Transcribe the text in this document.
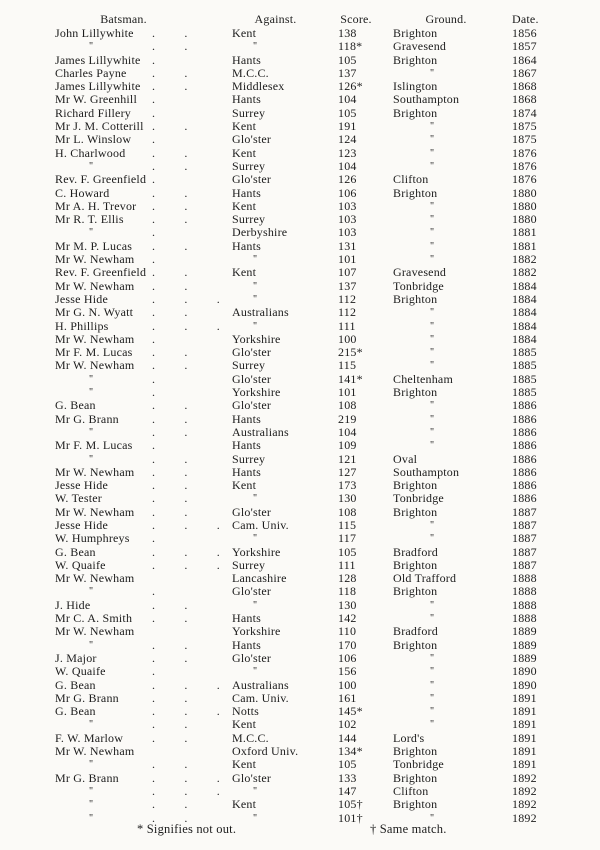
Batsman.	Against.	Score.	Ground.	Date.
John Lillywhite	. .	Kent	138	Brighton	1856
"	. .	"	118*	Gravesend	1857
James Lillywhite .	Hants	105	Brighton	1864
Charles Payne	. .	M.C.C.	137	"	1867
James Lillywhite . .	Middlesex	126*	Islington	1868
Mr W. Greenhill	.	Hants	104	Southampton	1868
Richard Fillery	.	Surrey	105	Brighton	1874
Mr J. M. Cotterill . .	Kent	191	"	1875
Mr L. Winslow	.	Glo'ster	124	"	1875
H. Charlwood	. .	Kent	123	"	1876
"	. .	Surrey	104	"	1876
Rev. F. Greenfield .	Glo'ster	126	Clifton	1876
C. Howard	. .	Hants	106	Brighton	1880
Mr A. H. Trevor	. .	Kent	103	"	1880
Mr R. T. Ellis	. .	Surrey	103	"	1880
"	.	Derbyshire	103	"	1881
Mr M. P. Lucas	. .	Hants	131	"	1881
Mr W. Newham	.	"	101	"	1882
Rev. F. Greenfield . .	Kent	107	Gravesend	1882
Mr W. Newham	. .	"	137	Tonbridge	1884
Jesse Hide	. . .	"	112	Brighton	1884
Mr G. N. Wyatt	. .	Australians	112	"	1884
H. Phillips	. . .	"	111	"	1884
Mr W. Newham	.	Yorkshire	100	"	1884
Mr F. M. Lucas	. .	Glo'ster	215*	"	1885
Mr W. Newham	. .	Surrey	115	"	1885
"	.	Glo'ster	141*	Cheltenham	1885
"	.	Yorkshire	101	Brighton	1885
G. Bean	. .	Glo'ster	108	"	1886
Mr G. Brann	. .	Hants	219	"	1886
"	. .	Australians	104	"	1886
Mr F. M. Lucas	.	Hants	109	"	1886
"	. .	Surrey	121	Oval	1886
Mr W. Newham	. .	Hants	127	Southampton	1886
Jesse Hide	. .	Kent	173	Brighton	1886
W. Tester	. .	"	130	Tonbridge	1886
Mr W. Newham	. .	Glo'ster	108	Brighton	1887
Jesse Hide	. . .	Cam. Univ.	115	"	1887
W. Humphreys	.	"	117	"	1887
G. Bean	. . .	Yorkshire	105	Bradford	1887
W. Quaife	. . .	Surrey	111	Brighton	1887
Mr W. Newham	Lancashire	128	Old Trafford	1888
"	.	Glo'ster	118	Brighton	1888
J. Hide	. .	"	130	"	1888
Mr C. A. Smith	. .	Hants	142	"	1888
Mr W. Newham	Yorkshire	110	Bradford	1889
"	. .	Hants	170	Brighton	1889
J. Major	. .	Glo'ster	106	"	1889
W. Quaife	.	"	156	"	1890
G. Bean	. . .	Australians	100	"	1890
Mr G. Brann	. .	Cam. Univ.	161	"	1891
G. Bean	. . .	Notts	145*	"	1891
"	. .	Kent	102	"	1891
F. W. Marlow	. .	M.C.C.	144	Lord's	1891
Mr W. Newham	Oxford Univ.	134*	Brighton	1891
"	. .	Kent	105	Tonbridge	1891
Mr G. Brann	. . .	Glo'ster	133	Brighton	1892
"	. . .	"	147	Clifton	1892
"	. .	Kent	105†	Brighton	1892
"	. .	"	101†	"	1892
* Signifies not out.	† Same match.
